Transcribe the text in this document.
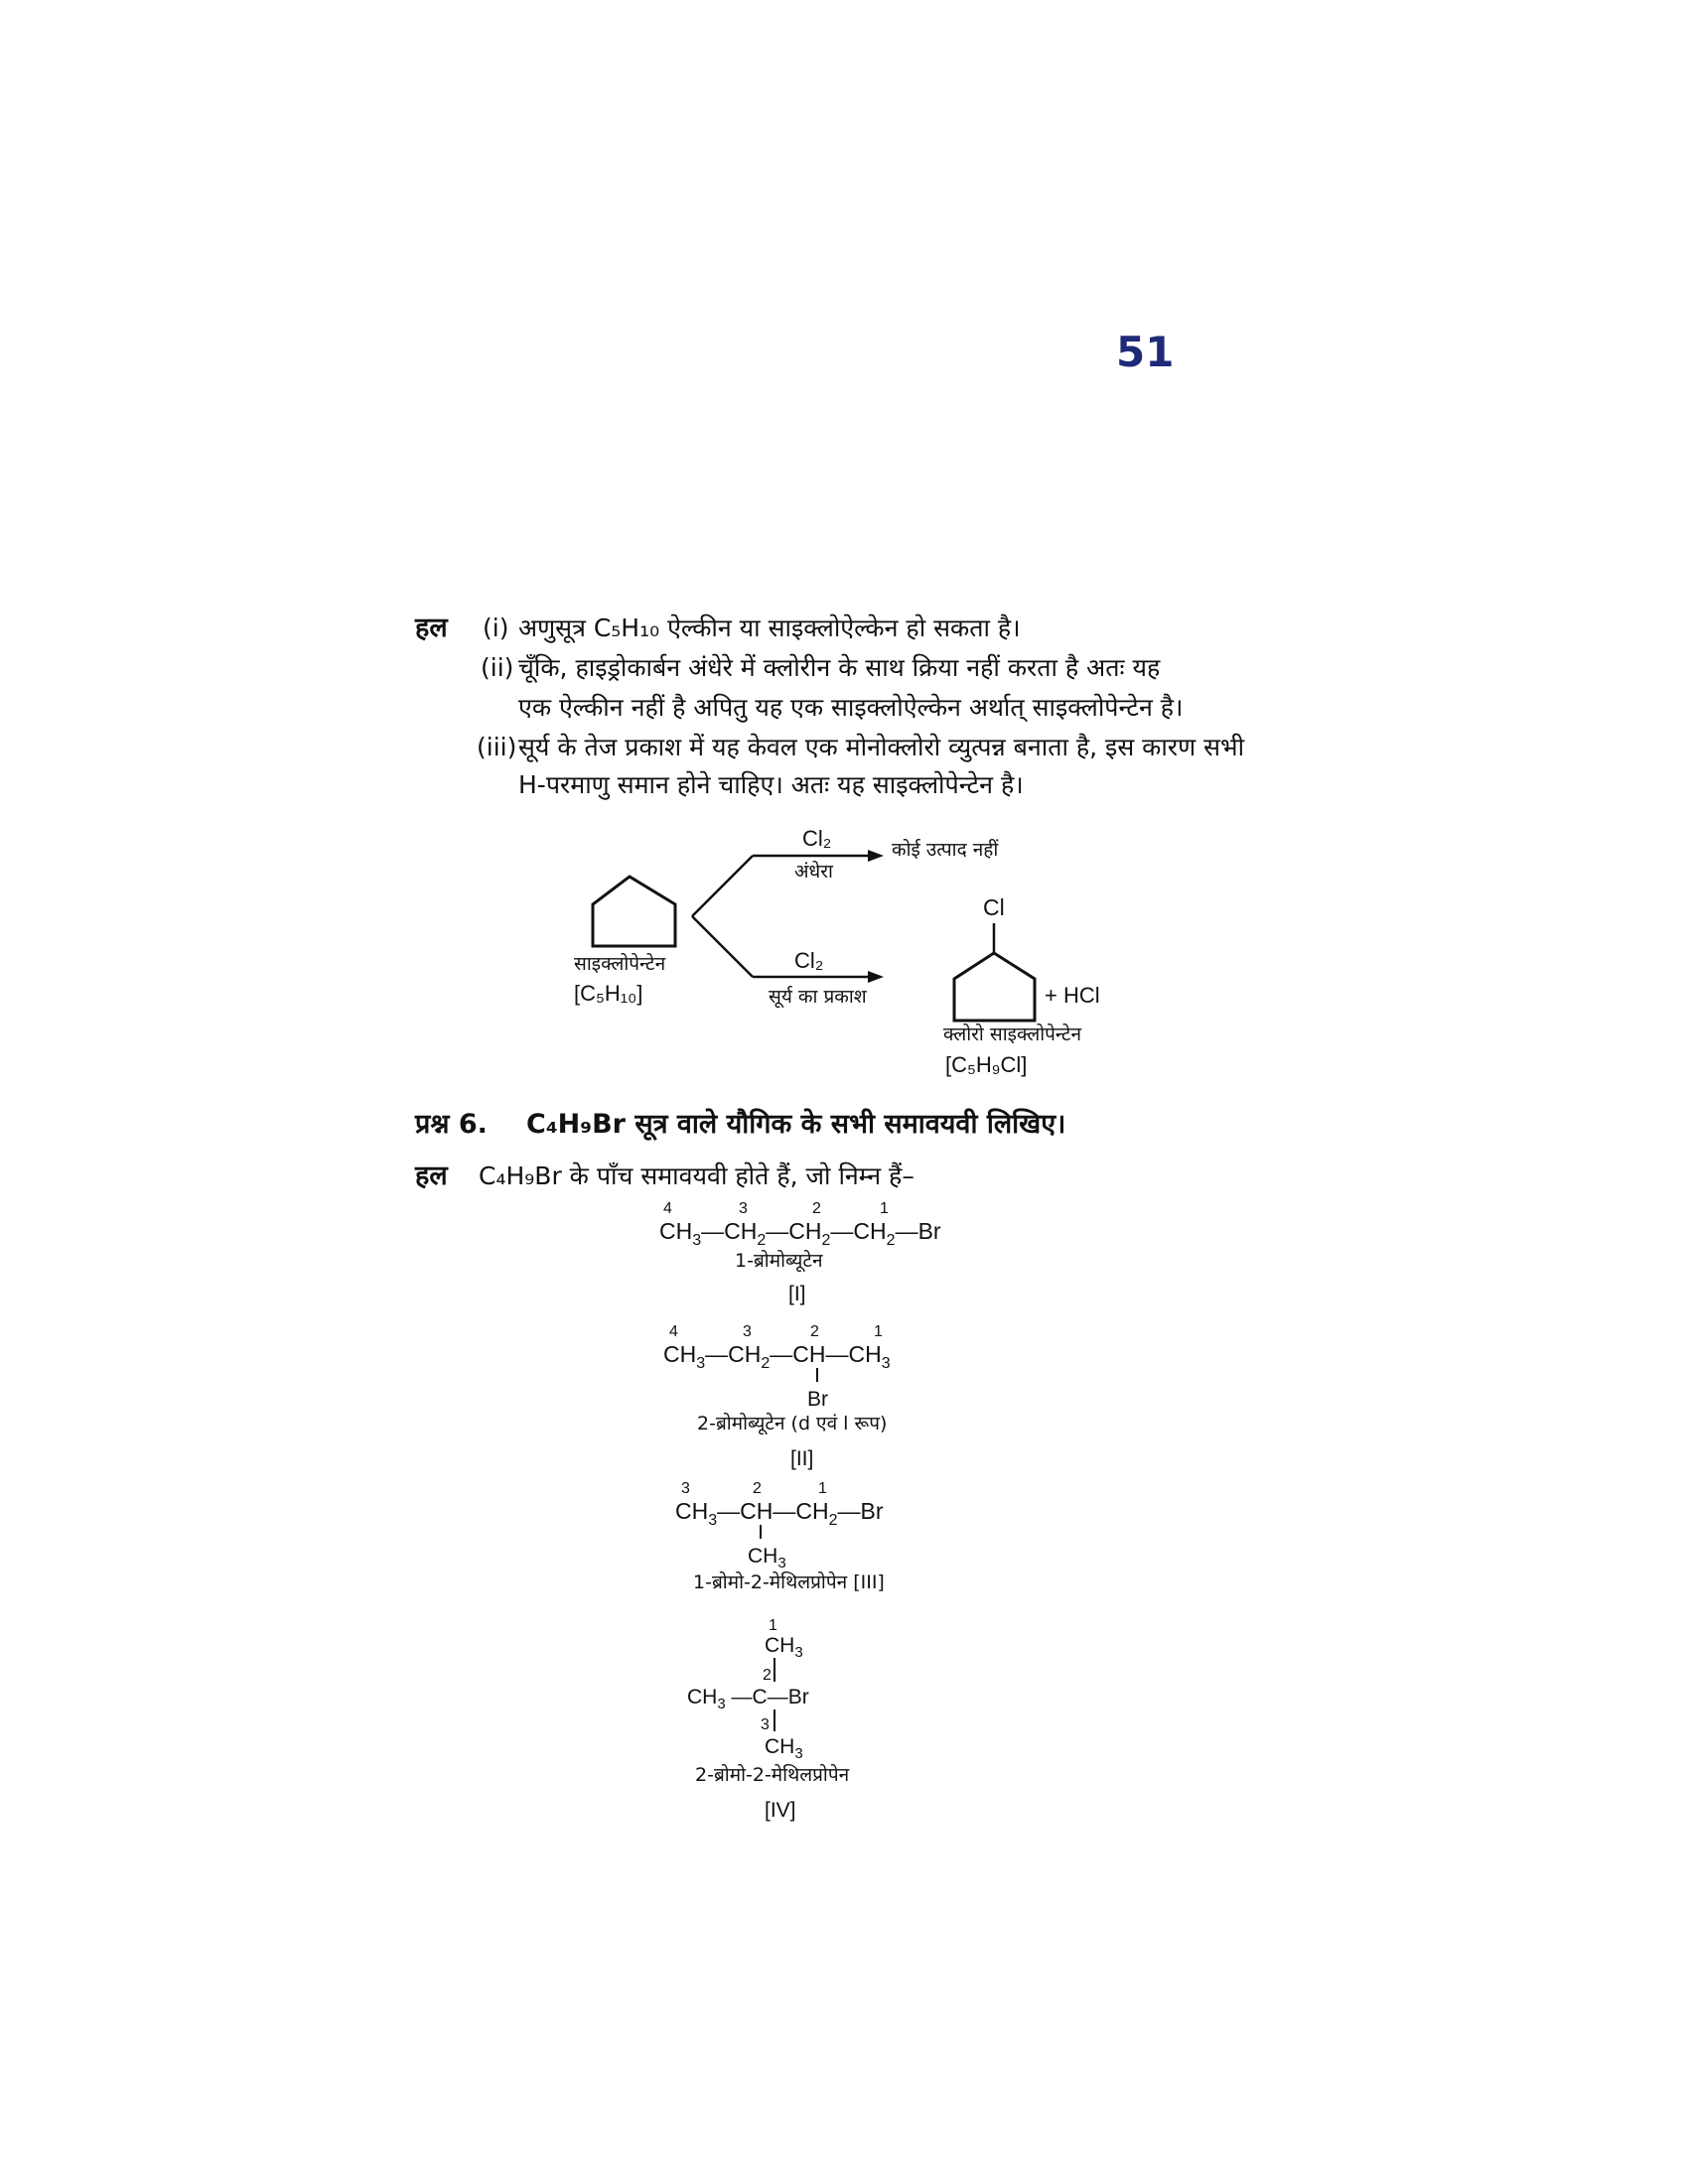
51
हल (i) अणुसूत्र C₅H₁₀ ऐल्कीन या साइक्लोऐल्केन हो सकता है।
(ii) चूँकि, हाइड्रोकार्बन अंधेरे में क्लोरीन के साथ क्रिया नहीं करता है अतः यह
एक ऐल्कीन नहीं है अपितु यह एक साइक्लोऐल्केन अर्थात् साइक्लोपेन्टेन है।
(iii) सूर्य के तेज प्रकाश में यह केवल एक मोनोक्लोरो व्युत्पन्न बनाता है, इस कारण सभी
H-परमाणु समान होने चाहिए। अतः यह साइक्लोपेन्टेन है।
साइक्लोपेन्टेन
[C₅H₁₀]
Cl₂
अंधेरा
कोई उत्पाद नहीं
Cl₂
सूर्य का प्रकाश
Cl
+ HCl
क्लोरो साइक्लोपेन्टेन
[C₅H₉Cl]
प्रश्न 6. C₄H₉Br सूत्र वाले यौगिक के सभी समावयवी लिखिए।
हल C₄H₉Br के पाँच समावयवी होते हैं, जो निम्न हैं–
4	3	2	1
$CH_3—CH_2—CH_2—CH_2—Br$
1-ब्रोमोब्यूटेन
[I]
4	3	2	1
$CH_3—CH_2—CH—CH_3$
Br
2-ब्रोमोब्यूटेन (d एवं l रूप)
[II]
3	2	1
$CH_3—CH—CH_2—Br$
$CH_3$
1-ब्रोमो-2-मेथिलप्रोपेन [III]
1
$CH_3$
2
$CH_3$ —C—Br
3
$CH_3$
2-ब्रोमो-2-मेथिलप्रोपेन
[IV]
